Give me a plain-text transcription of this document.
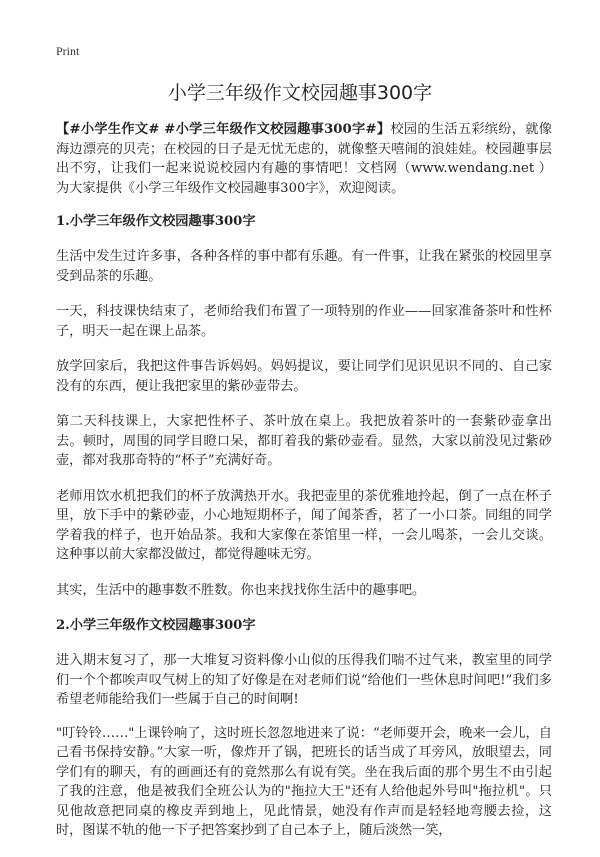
Print
小学三年级作文校园趣事300字

【#小学生作文# #小学三年级作文校园趣事300字#】校园的生活五彩缤纷，就像海边漂亮的贝壳；在校园的日子是无忧无虑的，就像整天嘻闹的浪娃娃。校园趣事层出不穷，让我们一起来说说校园内有趣的事情吧！文档网（www.wendang.net ）为大家提供《小学三年级作文校园趣事300字》，欢迎阅读。

1.小学三年级作文校园趣事300字

生活中发生过许多事，各种各样的事中都有乐趣。有一件事，让我在紧张的校园里享受到品茶的乐趣。

一天，科技课快结束了，老师给我们布置了一项特别的作业——回家准备茶叶和性杯子，明天一起在课上品茶。

放学回家后，我把这件事告诉妈妈。妈妈提议，要让同学们见识见识不同的、自己家没有的东西，便让我把家里的紫砂壶带去。

第二天科技课上，大家把性杯子、茶叶放在桌上。我把放着茶叶的一套紫砂壶拿出去。顿时，周围的同学目瞪口呆，都盯着我的紫砂壶看。显然，大家以前没见过紫砂壶，都对我那奇特的“杯子”充满好奇。

老师用饮水机把我们的杯子放满热开水。我把壶里的茶优雅地拎起，倒了一点在杯子里，放下手中的紫砂壶，小心地短期杯子，闻了闻茶香，茗了一小口茶。同组的同学学着我的样子，也开始品茶。我和大家像在茶馆里一样，一会儿喝茶，一会儿交谈。这种事以前大家都没做过，都觉得趣味无穷。

其实，生活中的趣事数不胜数。你也来找找你生活中的趣事吧。

2.小学三年级作文校园趣事300字

进入期末复习了，那一大堆复习资料像小山似的压得我们喘不过气来，教室里的同学们一个个都唉声叹气树上的知了好像是在对老师们说“给他们一些休息时间吧!”我们多希望老师能给我们一些属于自己的时间啊!

"叮铃铃……"上课铃响了，这时班长忽忽地进来了说：“老师要开会，晚来一会儿，自己看书保持安静。”大家一听，像炸开了锅，把班长的话当成了耳旁风，放眼望去，同学们有的聊天，有的画画还有的竟然那么有说有笑。坐在我后面的那个男生不由引起了我的注意，他是被我们全班公认为的"拖拉大王"还有人给他起外号叫"拖拉机"。只见他故意把同桌的橡皮弄到地上，见此情景，她没有作声而是轻轻地弯腰去捡，这时，图谋不轨的他一下子把答案抄到了自己本子上，随后淡然一笑，
